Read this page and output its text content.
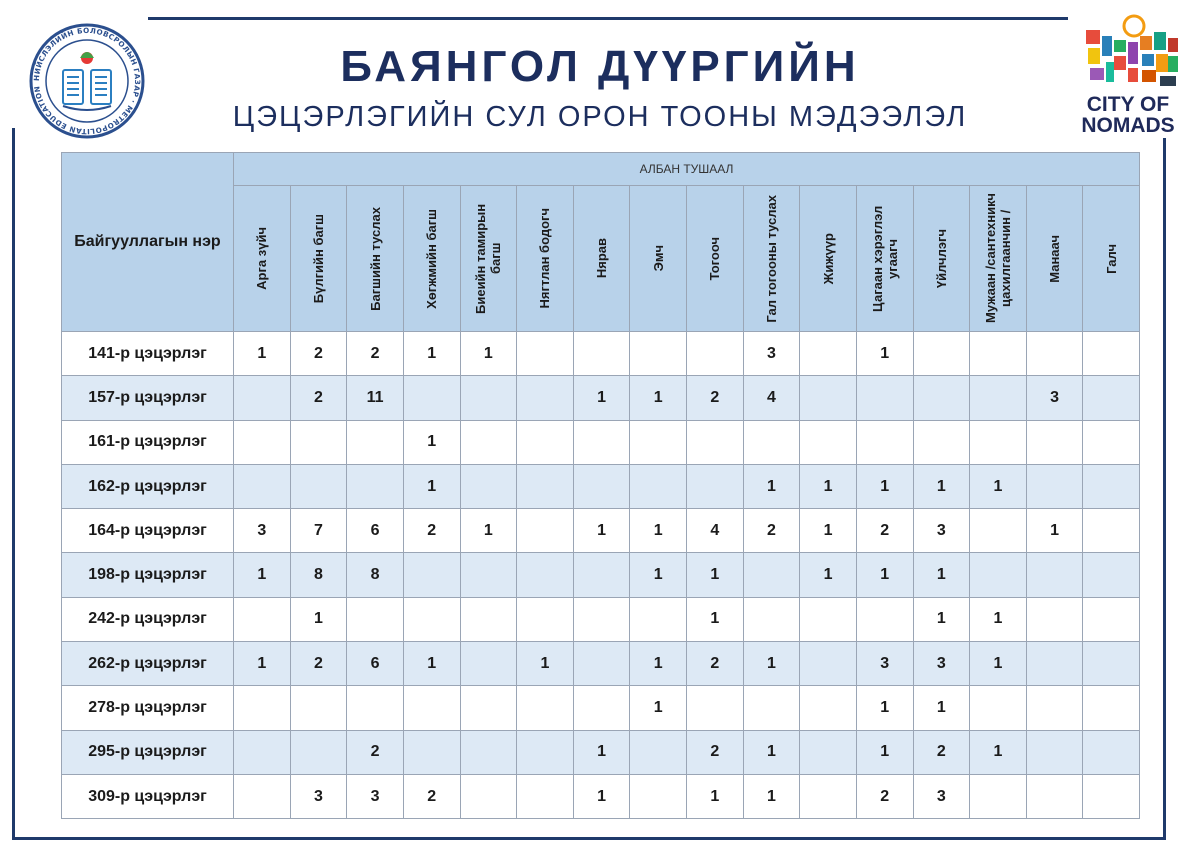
НИЙСЛЭЛИЙН БОЛОВСРОЛЫН ГАЗАР · METROPOLITAN EDUCATION
CITY OF
NOMADS
БАЯНГОЛ ДҮҮРГИЙН
ЦЭЦЭРЛЭГИЙН СУЛ ОРОН ТООНЫ МЭДЭЭЛЭЛ
Байгууллагын нэр	АЛБАН ТУШААЛ															

	Арга зүйч	Бүлгийн багш	Багшийн туслах	Хөгжмийн багш	Биеийн тамирын багш	Нягтлан бодогч	Нярав	Эмч	Тогооч	Гал тогооны туслах	Жижүүр	Цагаан хэрэглэл угаагч	Үйлчлэгч	Мужаан /сантехникч цахилгаанчин /	Манаач	Галч

141-р цэцэрлэг	1	2	2	1	1					3		1				
157-р цэцэрлэг		2	11				1	1	2	4					3	
161-р цэцэрлэг				1												
162-р цэцэрлэг				1						1	1	1	1	1		
164-р цэцэрлэг	3	7	6	2	1		1	1	4	2	1	2	3		1	
198-р цэцэрлэг	1	8	8					1	1		1	1	1			
242-р цэцэрлэг		1							1				1	1		
262-р цэцэрлэг	1	2	6	1		1		1	2	1		3	3	1		
278-р цэцэрлэг								1				1	1			
295-р цэцэрлэг			2				1		2	1		1	2	1		
309-р цэцэрлэг		3	3	2			1		1	1		2	3			
